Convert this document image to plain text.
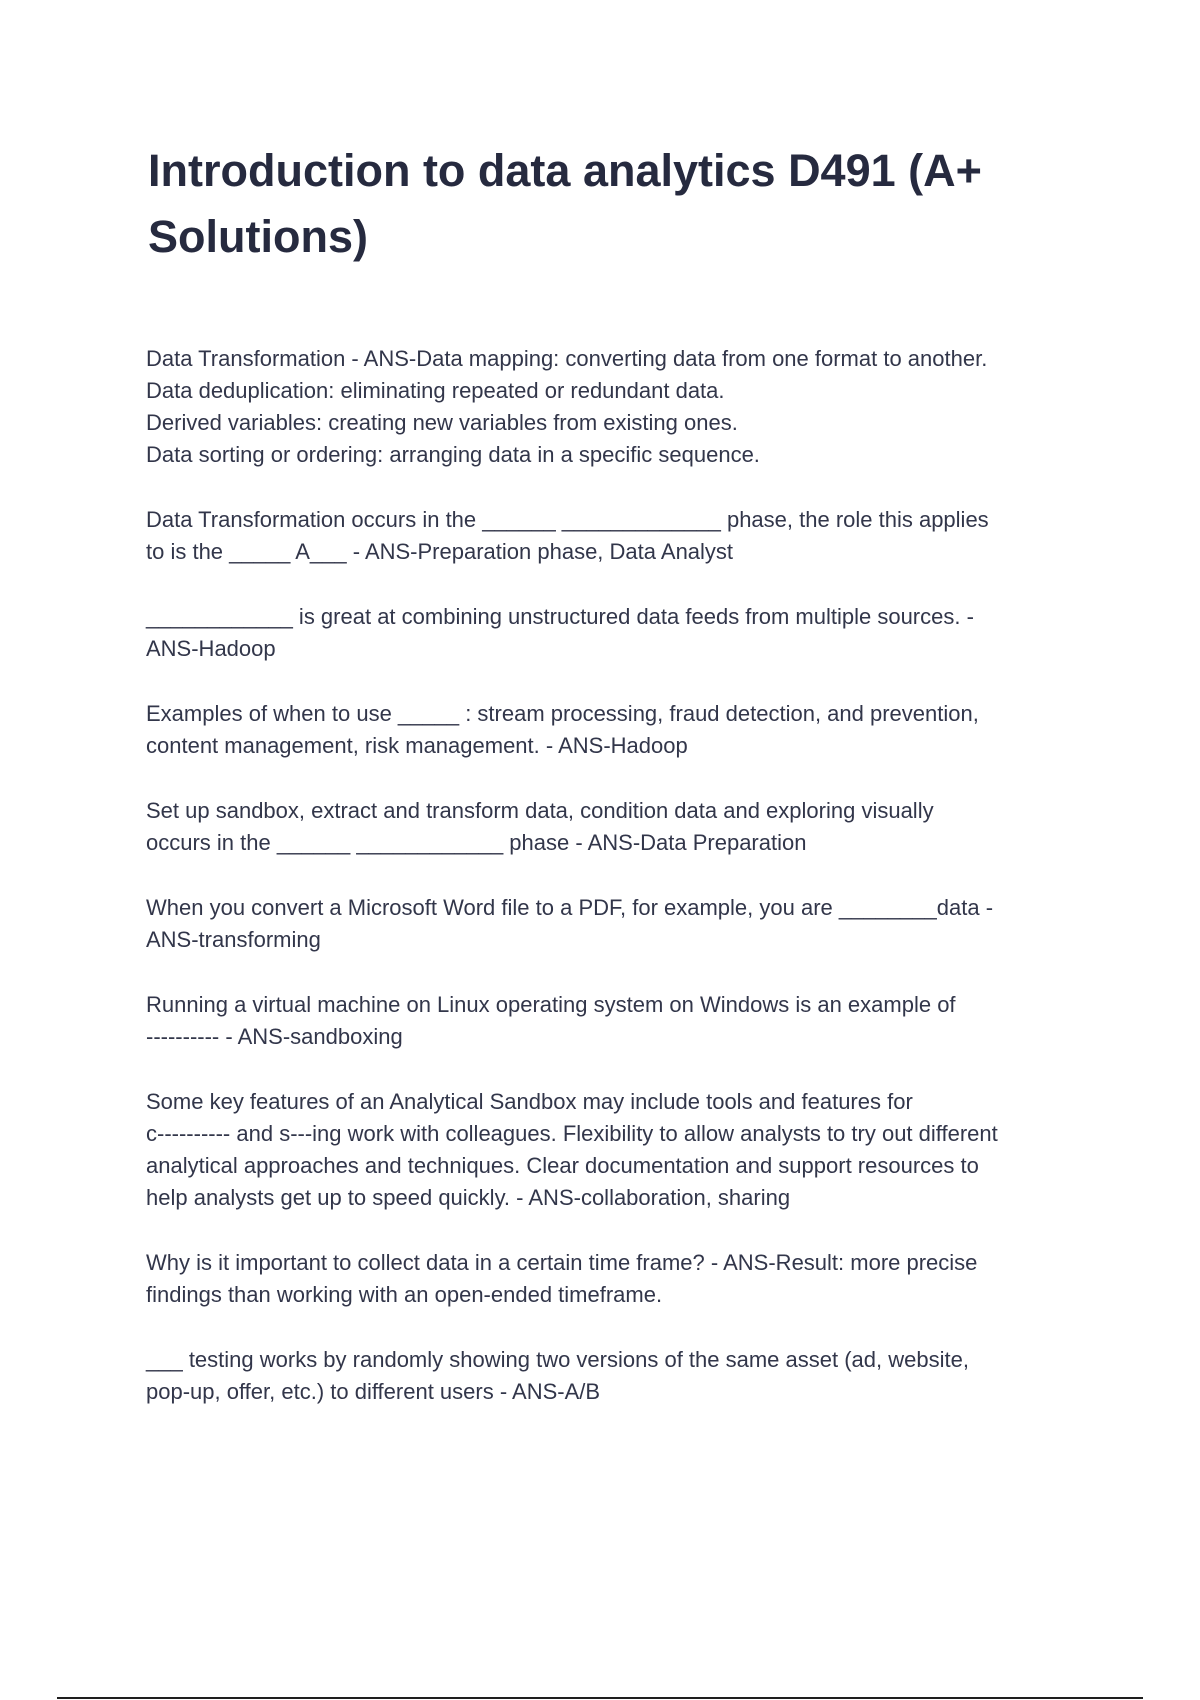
Introduction to data analytics D491 (A+ Solutions)

Data Transformation - ANS-Data mapping: converting data from one format to another.
Data deduplication: eliminating repeated or redundant data.
Derived variables: creating new variables from existing ones.
Data sorting or ordering: arranging data in a specific sequence.

Data Transformation occurs in the ______ _____________ phase, the role this applies
to is the _____ A___ - ANS-Preparation phase, Data Analyst

____________ is great at combining unstructured data feeds from multiple sources. -
ANS-Hadoop

Examples of when to use _____ : stream processing, fraud detection, and prevention,
content management, risk management. - ANS-Hadoop

Set up sandbox, extract and transform data, condition data and exploring visually
occurs in the ______ ____________ phase - ANS-Data Preparation

When you convert a Microsoft Word file to a PDF, for example, you are ________data -
ANS-transforming

Running a virtual machine on Linux operating system on Windows is an example of
---------- - ANS-sandboxing

Some key features of an Analytical Sandbox may include tools and features for
c---------- and s---ing work with colleagues. Flexibility to allow analysts to try out different
analytical approaches and techniques. Clear documentation and support resources to
help analysts get up to speed quickly. - ANS-collaboration, sharing

Why is it important to collect data in a certain time frame? - ANS-Result: more precise
findings than working with an open-ended timeframe.

___ testing works by randomly showing two versions of the same asset (ad, website,
pop-up, offer, etc.) to different users - ANS-A/B
